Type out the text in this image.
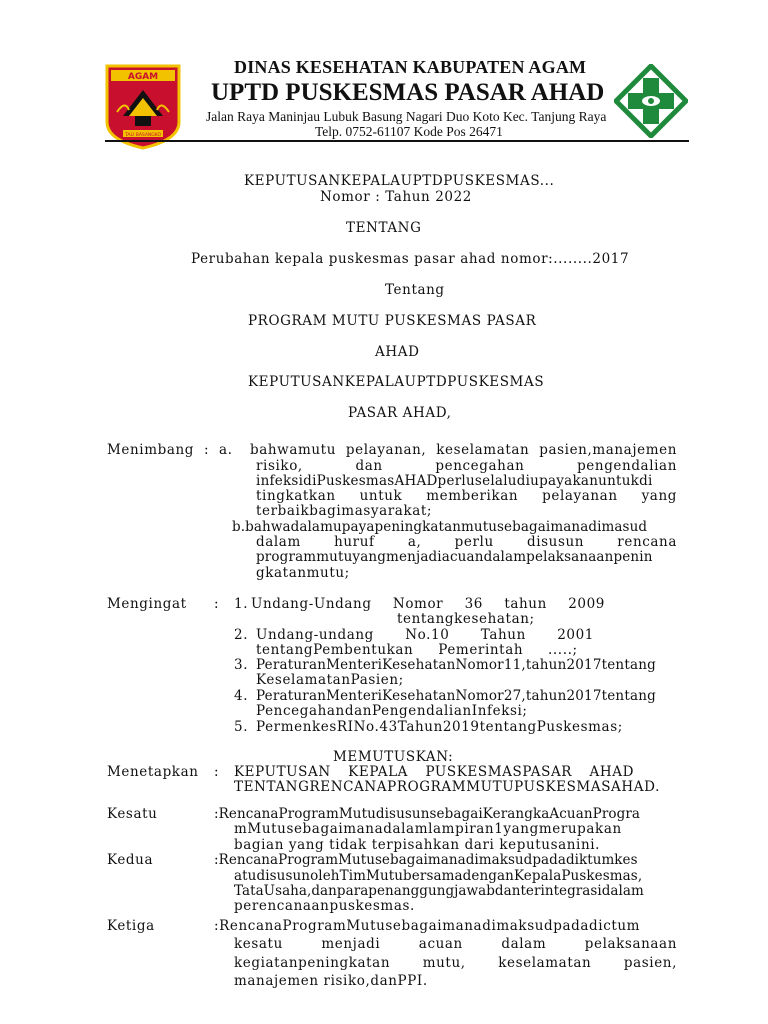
AGAM
TALI BASANGKO
DINAS KESEHATAN KABUPATEN AGAM
UPTD PUSKESMAS PASAR AHAD
Jalan Raya Maninjau Lubuk Basung Nagari Duo Koto Kec. Tanjung Raya
Telp. 0752-61107 Kode Pos 26471
KEPUTUSANKEPALAUPTDPUSKESMAS...
Nomor : Tahun 2022
TENTANG
Perubahan kepala puskesmas pasar ahad nomor:........2017
Tentang
PROGRAM MUTU PUSKESMAS PASAR
AHAD
KEPUTUSANKEPALAUPTDPUSKESMAS
PASAR AHAD,
Menimbang : a. bahwamutu pelayanan, keselamatan pasien,manajemen
risiko, dan pencegahan pengendalian
infeksidiPuskesmasAHADperluselaludiupayakanuntukdi
tingkatkan untuk memberikan pelayanan yang
terbaikbagimasyarakat;
b.bahwadalamupayapeningkatanmutusebagaimanadimasud
dalam huruf a, perlu disusun rencana
programmutuyangmenjadiacuandalampelaksanaanpenin
gkatanmutu;
Mengingat : 1. Undang-Undang Nomor 36 tahun 2009
tentangkesehatan;
2. Undang-undang No.10 Tahun 2001
tentangPembentukan Pemerintah .....;
3. PeraturanMenteriKesehatanNomor11,tahun2017tentang
KeselamatanPasien;
4. PeraturanMenteriKesehatanNomor27,tahun2017tentang
PencegahandanPengendalianInfeksi;
5. PermenkesRINo.43Tahun2019tentangPuskesmas;
MEMUTUSKAN:
Menetapkan : KEPUTUSAN KEPALA PUSKESMASPASAR AHAD
TENTANGRENCANAPROGRAMMUTUPUSKESMASAHAD.
Kesatu	:RencanaProgramMutudisusunsebagaiKerangkaAcuanProgra
mMutusebagaimanadalamlampiran1yangmerupakan
bagian yang tidak terpisahkan dari keputusanini.
Kedua	:RencanaProgramMutusebagaimanadimaksudpadadiktumkes
atudisusunolehTimMutubersamadenganKepalaPuskesmas,
TataUsaha,danparapenanggungjawabdanterintegrasidalam
perencanaanpuskesmas.
Ketiga	:RencanaProgramMutusebagaimanadimaksudpadadictum
kesatu menjadi acuan dalam pelaksanaan
kegiatanpeningkatan mutu, keselamatan pasien,
manajemen risiko,danPPI.
